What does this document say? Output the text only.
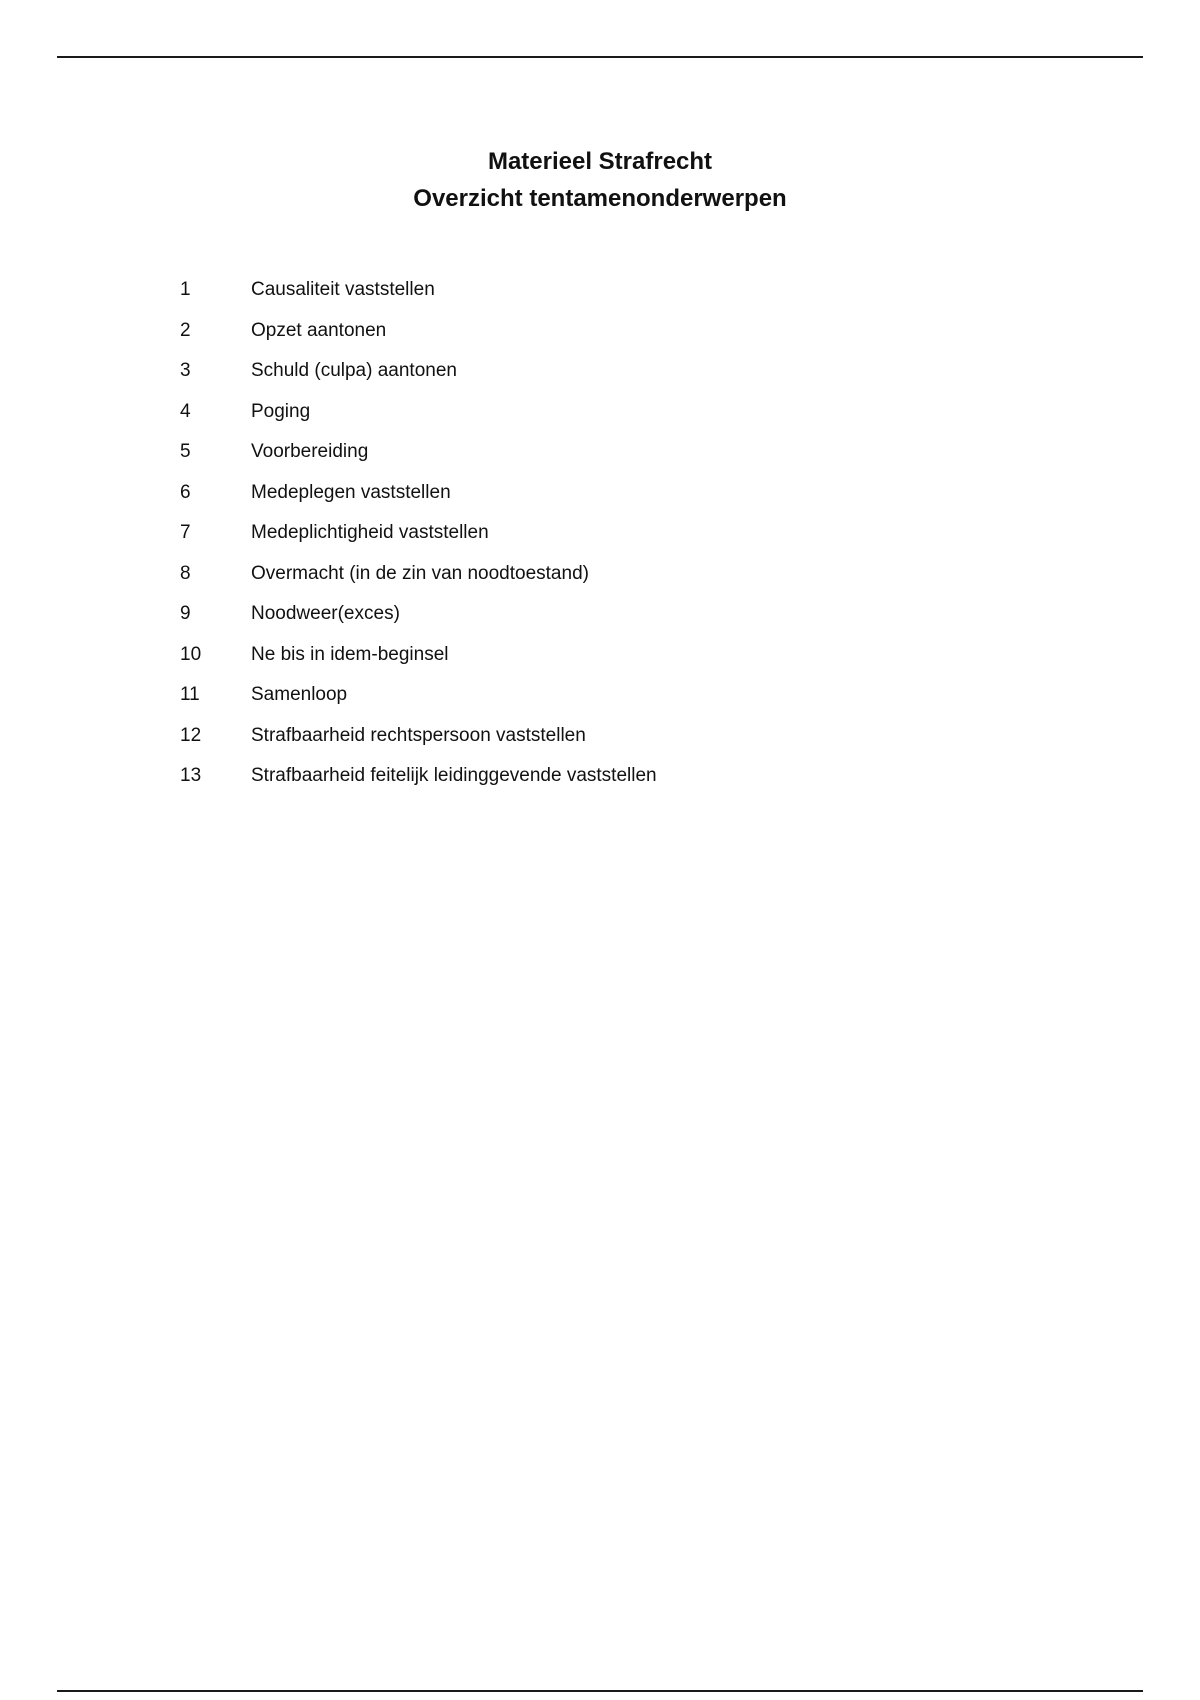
Materieel Strafrecht
Overzicht tentamenonderwerpen
1	Causaliteit vaststellen
2	Opzet aantonen
3	Schuld (culpa) aantonen
4	Poging
5	Voorbereiding
6	Medeplegen vaststellen
7	Medeplichtigheid vaststellen
8	Overmacht (in de zin van noodtoestand)
9	Noodweer(exces)
10	Ne bis in idem-beginsel
11	Samenloop
12	Strafbaarheid rechtspersoon vaststellen
13	Strafbaarheid feitelijk leidinggevende vaststellen
